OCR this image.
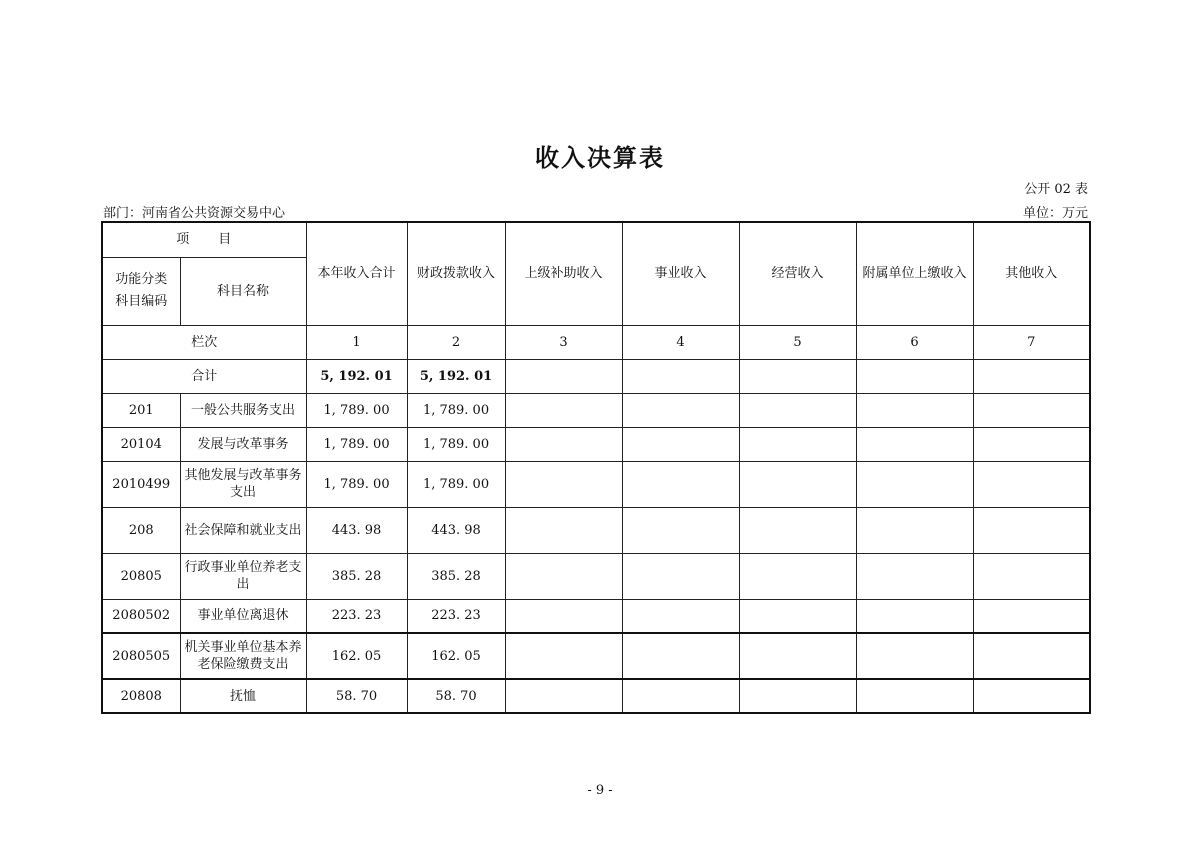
收入决算表
公开 02 表
部门：河南省公共资源交易中心	单位：万元
项　　目		本年收入合计	财政拨款收入	上级补助收入	事业收入	经营收入	附属单位上缴收入	其他收入
功能分类科目编码	科目名称							
栏次		1	2	3	4	5	6	7
合计		5, 192. 01	5, 192. 01					
201	一般公共服务支出	1, 789. 00	1, 789. 00					
20104	发展与改革事务	1, 789. 00	1, 789. 00					
2010499	其他发展与改革事务支出	1, 789. 00	1, 789. 00					
208	社会保障和就业支出	443. 98	443. 98					
20805	行政事业单位养老支出	385. 28	385. 28					
2080502	事业单位离退休	223. 23	223. 23					
2080505	机关事业单位基本养老保险缴费支出	162. 05	162. 05					
20808	抚恤	58. 70	58. 70					
- 9 -
